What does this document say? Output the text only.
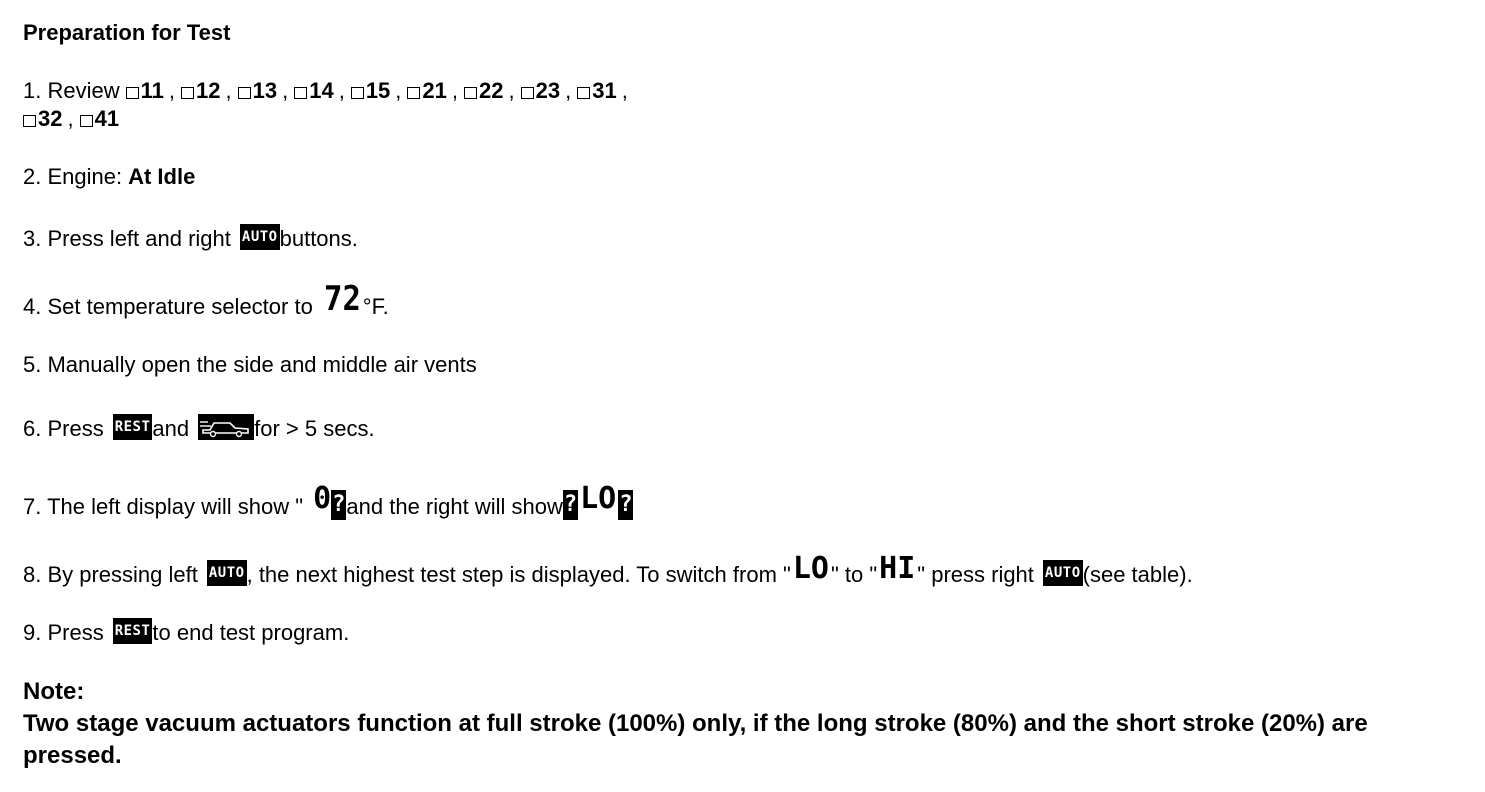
Preparation for Test
1. Review 11 , 12 , 13 , 14 , 15 , 21 , 22 , 23 , 31 ,
32 , 41
2. Engine: At Idle
3. Press left and right AUTO buttons.
4. Set temperature selector to 72 °F.
5. Manually open the side and middle air vents
6. Press REST and	for > 5 secs.
7. The left display will show " 0 ? and the right will show ? LO ?
8. By pressing left AUTO , the next highest test step is displayed. To switch from " LO " to " HI " press right AUTO (see table).
9. Press REST to end test program.
Note:
Two stage vacuum actuators function at full stroke (100%) only, if the long stroke (80%) and the short stroke (20%) are pressed.
